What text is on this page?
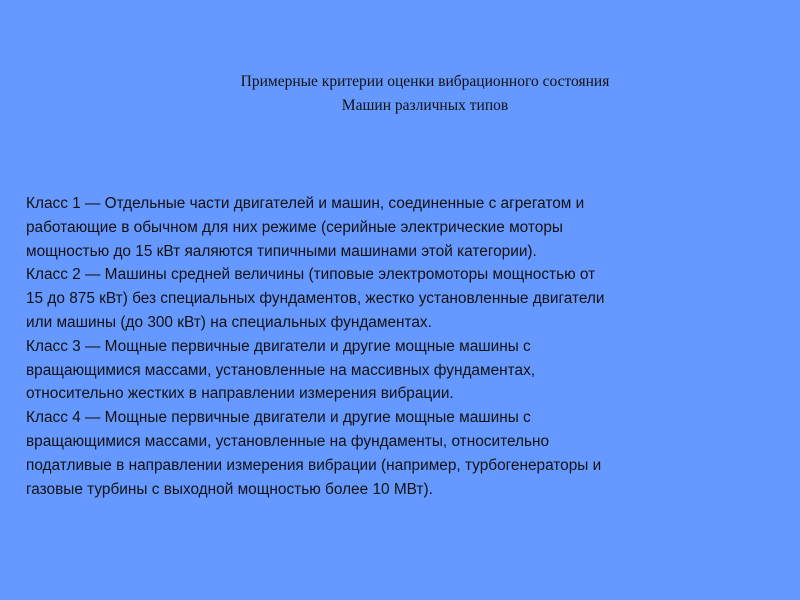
Примерные критерии оценки вибрационного состояния
Машин различных типов
Класс 1 — Отдельные части двигателей и машин, соединенные с агрегатом и
работающие в обычном для них режиме (серийные электрические моторы
мощностью до 15 кВт яаляются типичными машинами этой категории).
Класс 2 — Машины средней величины (типовые электромоторы мощностью от
15 до 875 кВт) без специальных фундаментов, жестко установленные двигатели
или машины (до 300 кВт) на специальных фундаментах.
Класс 3 — Мощные первичные двигатели и другие мощные машины с
вращающимися массами, установленные на массивных фундаментах,
относительно жестких в направлении измерения вибрации.
Класс 4 — Мощные первичные двигатели и другие мощные машины с
вращающимися массами, установленные на фундаменты, относительно
податливые в направлении измерения вибрации (например, турбогенераторы и
газовые турбины с выходной мощностью более 10 МВт).
